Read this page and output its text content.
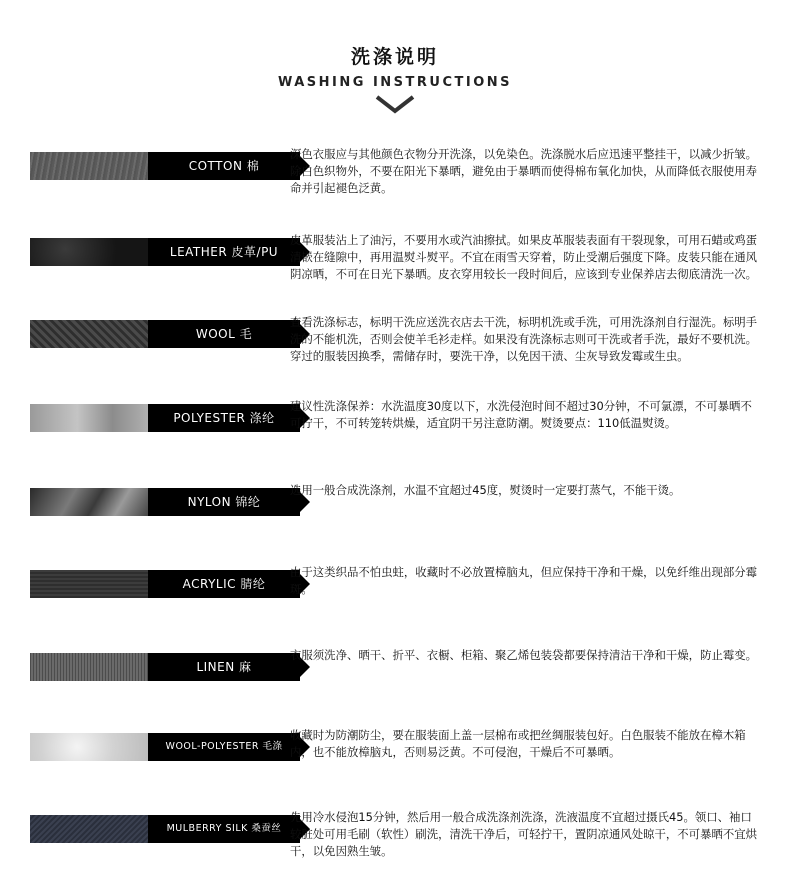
洗涤说明
WASHING INSTRUCTIONS
COTTON 棉
深色衣服应与其他颜色衣物分开洗涤，以免染色。洗涤脱水后应迅速平整挂干，以减少折皱。除白色织物外，不要在阳光下暴晒，避免由于暴晒而使得棉布氧化加快，从而降低衣服使用寿命并引起褪色泛黄。
LEATHER 皮革/PU
皮革服装沾上了油污，不要用水或汽油擦拭。如果皮革服装表面有干裂现象，可用石蜡或鸡蛋清嵌在缝隙中，再用温熨斗熨平。不宜在雨雪天穿着，防止受潮后强度下降。皮装只能在通风阴凉晒，不可在日光下暴晒。皮衣穿用较长一段时间后，应该到专业保养店去彻底清洗一次。
WOOL 毛
查看洗涤标志，标明干洗应送洗衣店去干洗，标明机洗或手洗，可用洗涤剂自行湿洗。标明手洗的不能机洗，否则会使羊毛衫走样。如果没有洗涤标志则可干洗或者手洗，最好不要机洗。穿过的服装因换季，需储存时，要洗干净，以免因干渍、尘灰导致发霉或生虫。
POLYESTER 涤纶
建议性洗涤保养：水洗温度30度以下，水洗侵泡时间不超过30分钟，不可氯漂，不可暴晒不可拧干，不可转笼转烘燥，适宜阴干另注意防潮。熨烫要点：110低温熨烫。
NYLON 锦纶
选用一般合成洗涤剂，水温不宜超过45度，熨烫时一定要打蒸气，不能干烫。
ACRYLIC 腈纶
由于这类织品不怕虫蛀，收藏时不必放置樟脑丸，但应保持干净和干燥，以免纤维出现部分霉斑。
LINEN 麻
衣服须洗净、晒干、折平、衣橱、柜箱、聚乙烯包装袋都要保持清洁干净和干燥，防止霉变。
WOOL-POLYESTER 毛涤
收藏时为防潮防尘，要在服装面上盖一层棉布或把丝绸服装包好。白色服装不能放在樟木箱内，也不能放樟脑丸，否则易泛黄。不可侵泡，干燥后不可暴晒。
MULBERRY SILK 桑蚕丝
先用冷水侵泡15分钟，然后用一般合成洗涤剂洗涤，洗液温度不宜超过摄氏45。领口、袖口较脏处可用毛刷（软性）刷洗，清洗干净后，可轻拧干，置阴凉通风处晾干，不可暴晒不宜烘干，以免因熟生皱。
